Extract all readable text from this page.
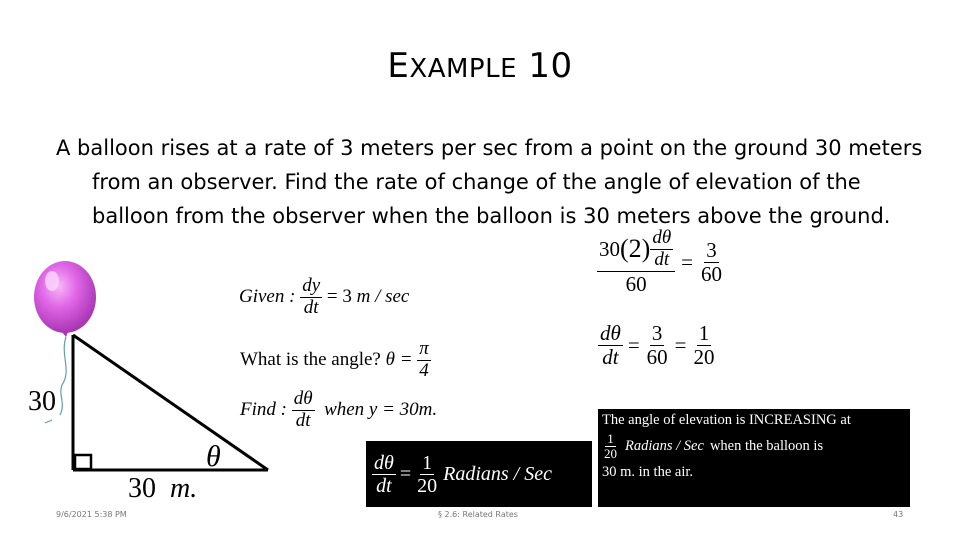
EXAMPLE 10
A balloon rises at a rate of 3 meters per sec from a point on the ground 30 meters from an observer. Find the rate of change of the angle of elevation of the balloon from the observer when the balloon is 30 meters above the ground.
30
30 m.
θ
Given : $\frac{dy}{dt} = 3$ m / sec
What is the angle? $\theta = \frac{\pi}{4}$
Find : $\frac{d\theta}{dt}$ when y = 30m.
30 $(2) \frac{d\theta}{dt}$
60
= $\frac{3}{60}$
$\frac{d\theta}{dt} = \frac{3}{60} = \frac{1}{20}$
$\frac{d\theta}{dt} = \frac{1}{20}$ Radians / Sec
The angle of elevation is INCREASING at
$\frac{1}{20}$ Radians / Sec when the balloon is
30 m. in the air.
9/6/2021 5:38 PM	§ 2.6: Related Rates	43
